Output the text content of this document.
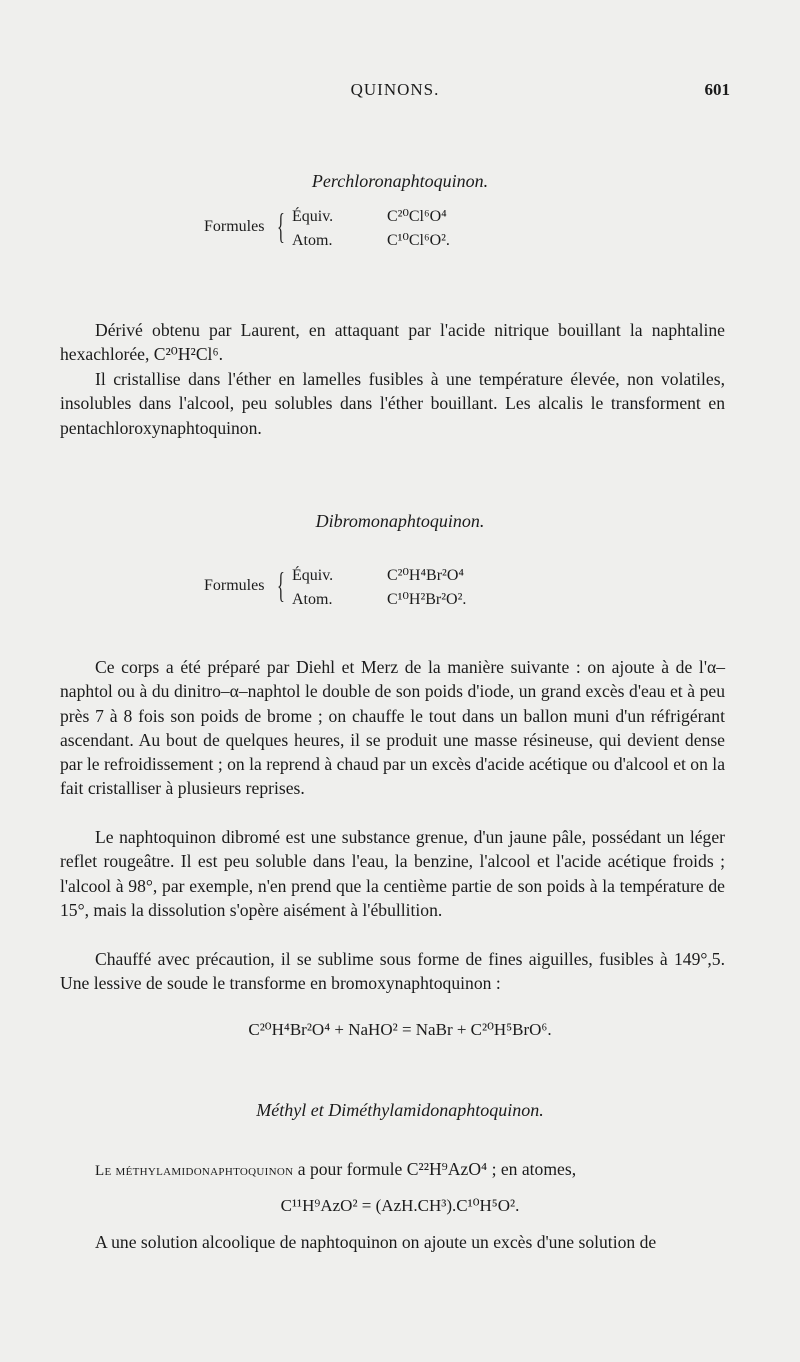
QUINONS.	601
Perchloronaphtoquinon.
Formules { Équiv.	C²⁰Cl⁶O⁴
Atom.	C¹⁰Cl⁶O².

Dérivé obtenu par Laurent, en attaquant par l'acide nitrique bouillant la naphtaline hexachlorée, C²⁰H²Cl⁶.

Il cristallise dans l'éther en lamelles fusibles à une température élevée, non volatiles, insolubles dans l'alcool, peu solubles dans l'éther bouillant. Les alcalis le transforment en pentachloroxynaphtoquinon.

Dibromonaphtoquinon.
Formules { Équiv.	C²⁰H⁴Br²O⁴
Atom.	C¹⁰H²Br²O².

Ce corps a été préparé par Diehl et Merz de la manière suivante : on ajoute à de l'α–naphtol ou à du dinitro–α–naphtol le double de son poids d'iode, un grand excès d'eau et à peu près 7 à 8 fois son poids de brome ; on chauffe le tout dans un ballon muni d'un réfrigérant ascendant. Au bout de quelques heures, il se produit une masse résineuse, qui devient dense par le refroidissement ; on la reprend à chaud par un excès d'acide acétique ou d'alcool et on la fait cristalliser à plusieurs reprises.

Le naphtoquinon dibromé est une substance grenue, d'un jaune pâle, possédant un léger reflet rougeâtre. Il est peu soluble dans l'eau, la benzine, l'alcool et l'acide acétique froids ; l'alcool à 98°, par exemple, n'en prend que la centième partie de son poids à la température de 15°, mais la dissolution s'opère aisément à l'ébullition.

Chauffé avec précaution, il se sublime sous forme de fines aiguilles, fusibles à 149°,5. Une lessive de soude le transforme en bromoxynaphtoquinon :

C²⁰H⁴Br²O⁴ + NaHO² = NaBr + C²⁰H⁵BrO⁶.
Méthyl et Diméthylamidonaphtoquinon.

Le méthylamidonaphtoquinon a pour formule C²²H⁹AzO⁴ ; en atomes,

C¹¹H⁹AzO² = (AzH.CH³).C¹⁰H⁵O².

A une solution alcoolique de naphtoquinon on ajoute un excès d'une solution de
